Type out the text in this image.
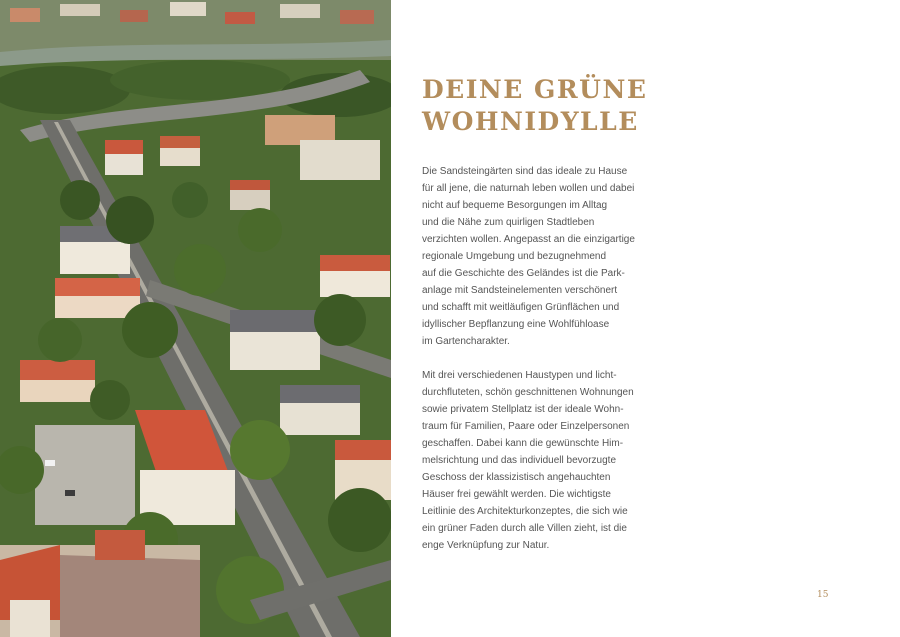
DEINE GRÜNE
WOHNIDYLLE
Die Sandsteingärten sind das ideale zu Hause
für all jene, die naturnah leben wollen und dabei
nicht auf bequeme Besorgungen im Alltag
und die Nähe zum quirligen Stadtleben
verzichten wollen. Angepasst an die einzigartige
regionale Umgebung und bezugnehmend
auf die Geschichte des Geländes ist die Park-
anlage mit Sandsteinelementen verschönert
und schafft mit weitläufigen Grünflächen und
idyllischer Bepflanzung eine Wohlfühloase
im Gartencharakter.
Mit drei verschiedenen Haustypen und licht-
durchfluteten, schön geschnittenen Wohnungen
sowie privatem Stellplatz ist der ideale Wohn-
traum für Familien, Paare oder Einzelpersonen
geschaffen. Dabei kann die gewünschte Him-
melsrichtung und das individuell bevorzugte
Geschoss der klassizistisch angehauchten
Häuser frei gewählt werden. Die wichtigste
Leitlinie des Architekturkonzeptes, die sich wie
ein grüner Faden durch alle Villen zieht, ist die
enge Verknüpfung zur Natur.
15
